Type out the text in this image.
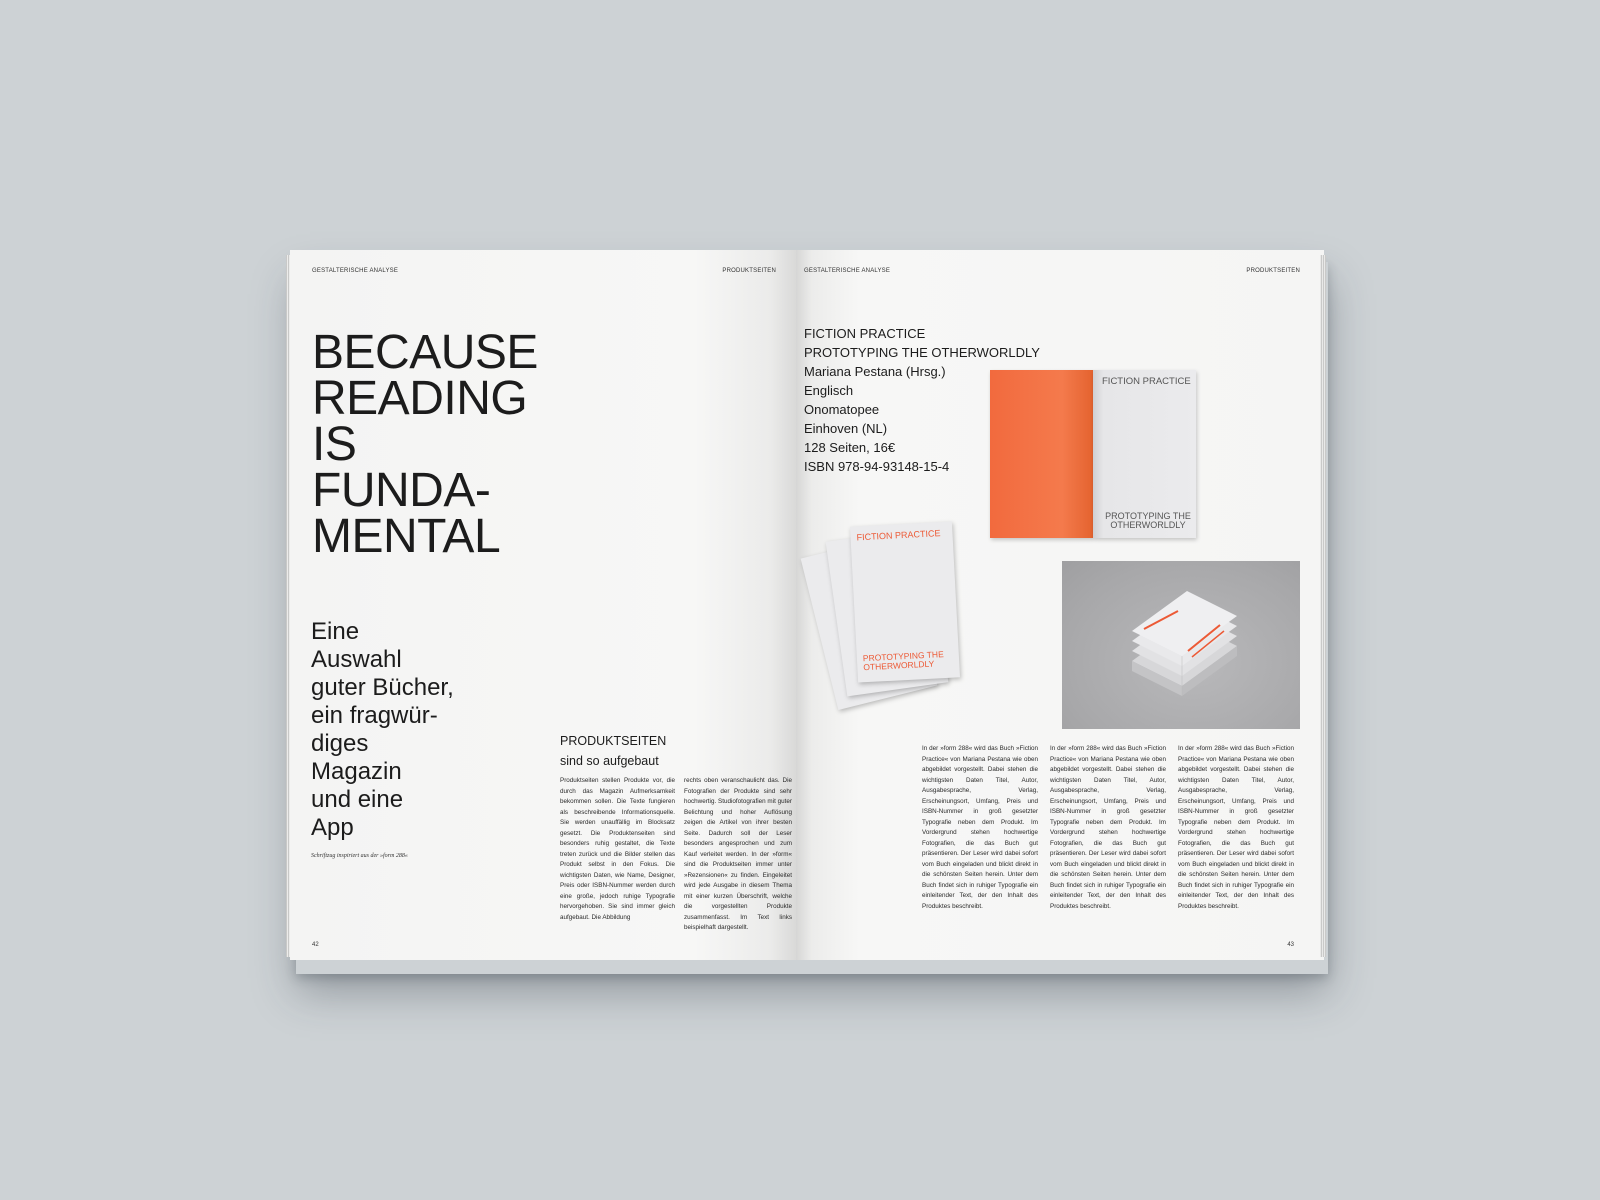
GESTALTERISCHE ANALYSE	PRODUKTSEITEN
BECAUSE
READING
IS
FUNDA-
MENTAL
Eine
Auswahl
guter Bücher,
ein fragwür-
diges
Magazin
und eine
App
Schriftzug inspiriert aus der »form 288«
PRODUKTSEITEN
sind so aufgebaut
Produktseiten stellen Produkte vor, die durch das Magazin Aufmerksamkeit bekommen sollen. Die Texte fungieren als beschreibende Informationsquelle. Sie werden unauffällig im Blocksatz gesetzt. Die Produktenseiten sind besonders ruhig gestaltet, die Texte treten zurück und die Bilder stellen das Produkt selbst in den Fokus. Die wichtigsten Daten, wie Name, Designer, Preis oder ISBN-Nummer werden durch eine große, jedoch ruhige Typografie hervorgehoben. Sie sind immer gleich aufgebaut. Die Abbildung
rechts oben veranschaulicht das. Die Fotografien der Produkte sind sehr hochwertig. Studiofotografien mit guter Belichtung und hoher Auflösung zeigen die Artikel von ihrer besten Seite. Dadurch soll der Leser besonders angesprochen und zum Kauf verleitet werden. In der »form« sind die Produktseiten immer unter »Rezensionen« zu finden. Eingeleitet wird jede Ausgabe in diesem Thema mit einer kurzen Überschrift, welche die vorgestellten Produkte zusammenfasst. Im Text links beispielhaft dargestellt.
42
GESTALTERISCHE ANALYSE	PRODUKTSEITEN
FICTION PRACTICE
PROTOTYPING THE OTHERWORLDLY
Mariana Pestana (Hrsg.)
Englisch
Onomatopee
Einhoven (NL)
128 Seiten, 16€
ISBN 978-94-93148-15-4
FICTION PRACTICE
PROTOTYPING THE OTHERWORLDLY
FICTION PRACTICE
PROTOTYPING THE OTHERWORLDLY
In der »form 288« wird das Buch »Fiction Practice« von Mariana Pestana wie oben abgebildet vorgestellt. Dabei stehen die wichtigsten Daten Titel, Autor, Ausgabesprache, Verlag, Erscheinungsort, Umfang, Preis und ISBN-Nummer in groß gesetzter Typografie neben dem Produkt. Im Vordergrund stehen hochwertige Fotografien, die das Buch gut präsentieren. Der Leser wird dabei sofort vom Buch eingeladen und blickt direkt in die schönsten Seiten herein. Unter dem Buch findet sich in ruhiger Typografie ein einleitender Text, der den Inhalt des Produktes beschreibt.
In der »form 288« wird das Buch »Fiction Practice« von Mariana Pestana wie oben abgebildet vorgestellt. Dabei stehen die wichtigsten Daten Titel, Autor, Ausgabesprache, Verlag, Erscheinungsort, Umfang, Preis und ISBN-Nummer in groß gesetzter Typografie neben dem Produkt. Im Vordergrund stehen hochwertige Fotografien, die das Buch gut präsentieren. Der Leser wird dabei sofort vom Buch eingeladen und blickt direkt in die schönsten Seiten herein. Unter dem Buch findet sich in ruhiger Typografie ein einleitender Text, der den Inhalt des Produktes beschreibt.
In der »form 288« wird das Buch »Fiction Practice« von Mariana Pestana wie oben abgebildet vorgestellt. Dabei stehen die wichtigsten Daten Titel, Autor, Ausgabesprache, Verlag, Erscheinungsort, Umfang, Preis und ISBN-Nummer in groß gesetzter Typografie neben dem Produkt. Im Vordergrund stehen hochwertige Fotografien, die das Buch gut präsentieren. Der Leser wird dabei sofort vom Buch eingeladen und blickt direkt in die schönsten Seiten herein. Unter dem Buch findet sich in ruhiger Typografie ein einleitender Text, der den Inhalt des Produktes beschreibt.
43
